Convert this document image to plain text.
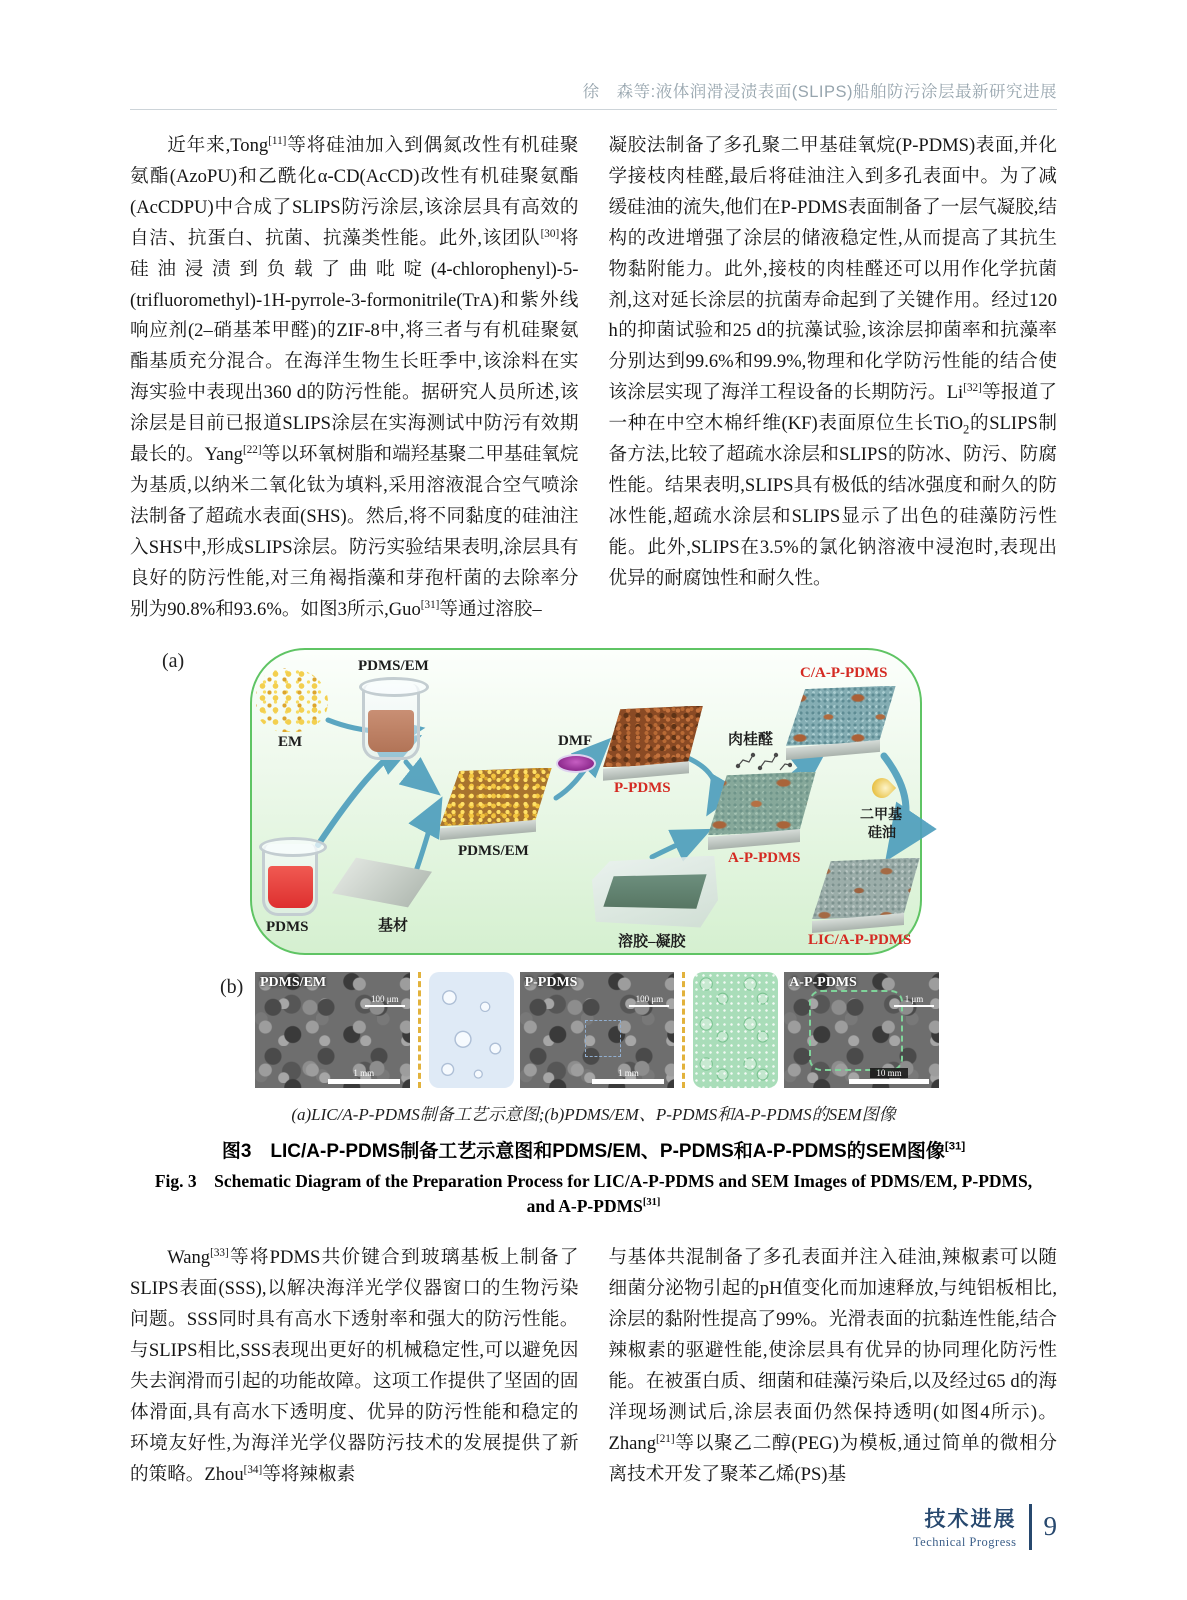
徐　森等:液体润滑浸渍表面(SLIPS)船舶防污涂层最新研究进展

近年来,Tong[11]等将硅油加入到偶氮改性有机硅聚氨酯(AzoPU)和乙酰化α-CD(AcCD)改性有机硅聚氨酯(AcCDPU)中合成了SLIPS防污涂层,该涂层具有高效的自洁、抗蛋白、抗菌、抗藻类性能。此外,该团队[30]将硅油浸渍到负载了曲吡啶(4-chlorophenyl)-5-(trifluoromethyl)-1H-pyrrole-3-formonitrile(TrA)和紫外线响应剂(2–硝基苯甲醛)的ZIF-8中,将三者与有机硅聚氨酯基质充分混合。在海洋生物生长旺季中,该涂料在实海实验中表现出360 d的防污性能。据研究人员所述,该涂层是目前已报道SLIPS涂层在实海测试中防污有效期最长的。Yang[22]等以环氧树脂和端羟基聚二甲基硅氧烷为基质,以纳米二氧化钛为填料,采用溶液混合空气喷涂法制备了超疏水表面(SHS)。然后,将不同黏度的硅油注入SHS中,形成SLIPS涂层。防污实验结果表明,涂层具有良好的防污性能,对三角褐指藻和芽孢杆菌的去除率分别为90.8%和93.6%。如图3所示,Guo[31]等通过溶胶–

凝胶法制备了多孔聚二甲基硅氧烷(P-PDMS)表面,并化学接枝肉桂醛,最后将硅油注入到多孔表面中。为了减缓硅油的流失,他们在P-PDMS表面制备了一层气凝胶,结构的改进增强了涂层的储液稳定性,从而提高了其抗生物黏附能力。此外,接枝的肉桂醛还可以用作化学抗菌剂,这对延长涂层的抗菌寿命起到了关键作用。经过120 h的抑菌试验和25 d的抗藻试验,该涂层抑菌率和抗藻率分别达到99.6%和99.9%,物理和化学防污性能的结合使该涂层实现了海洋工程设备的长期防污。Li[32]等报道了一种在中空木棉纤维(KF)表面原位生长TiO$_2$的SLIPS制备方法,比较了超疏水涂层和SLIPS的防冰、防污、防腐性能。结果表明,SLIPS具有极低的结冰强度和耐久的防冰性能,超疏水涂层和SLIPS显示了出色的硅藻防污性能。此外,SLIPS在3.5%的氯化钠溶液中浸泡时,表现出优异的耐腐蚀性和耐久性。

(a)
EM
PDMS/EM
PDMS	基材
PDMS/EM
DMF
P-PDMS
肉桂醛
C/A-P-PDMS
A-P-PDMS
溶胶–凝胶
二甲基
硅油
LIC/A-P-PDMS
(b) PDMS/EM
100 μm
1 mm
P-PDMS
100 μm
1 mm
A-P-PDMS
1 μm
10 mm
(a)LIC/A-P-PDMS制备工艺示意图;(b)PDMS/EM、P-PDMS和A-P-PDMS的SEM图像
图3　LIC/A-P-PDMS制备工艺示意图和PDMS/EM、P-PDMS和A-P-PDMS的SEM图像[31]
Fig. 3　Schematic Diagram of the Preparation Process for LIC/A-P-PDMS and SEM Images of PDMS/EM, P-PDMS,
and A-P-PDMS[31]

Wang[33]等将PDMS共价键合到玻璃基板上制备了SLIPS表面(SSS),以解决海洋光学仪器窗口的生物污染问题。SSS同时具有高水下透射率和强大的防污性能。与SLIPS相比,SSS表现出更好的机械稳定性,可以避免因失去润滑而引起的功能故障。这项工作提供了坚固的固体滑面,具有高水下透明度、优异的防污性能和稳定的环境友好性,为海洋光学仪器防污技术的发展提供了新的策略。Zhou[34]等将辣椒素

与基体共混制备了多孔表面并注入硅油,辣椒素可以随细菌分泌物引起的pH值变化而加速释放,与纯铝板相比,涂层的黏附性提高了99%。光滑表面的抗黏连性能,结合辣椒素的驱避性能,使涂层具有优异的协同理化防污性能。在被蛋白质、细菌和硅藻污染后,以及经过65 d的海洋现场测试后,涂层表面仍然保持透明(如图4所示)。Zhang[21]等以聚乙二醇(PEG)为模板,通过简单的微相分离技术开发了聚苯乙烯(PS)基

技术进展
Technical Progress
9
